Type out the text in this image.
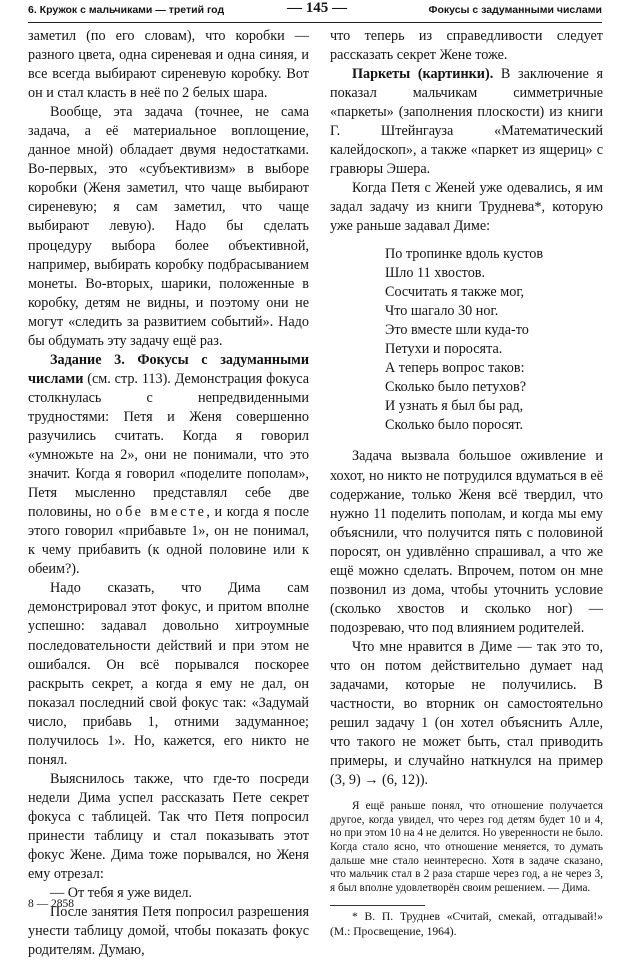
6. Кружок с мальчиками — третий год	— 145 —	Фокусы с задуманными числами

заметил (по его словам), что коробки — разного цвета, одна сиреневая и одна синяя, и все всегда выбирают сиреневую коробку. Вот он и стал класть в неё по 2 белых шара.

Вообще, эта задача (точнее, не сама задача, а её материальное воплощение, данное мной) обладает двумя недостатками. Во-первых, это «субъективизм» в выборе коробки (Женя заметил, что чаще выбирают сиреневую; я сам заметил, что чаще выбирают левую). Надо бы сделать процедуру выбора более объективной, например, выбирать коробку подбрасыванием монеты. Во-вторых, шарики, положенные в коробку, детям не видны, и поэтому они не могут «следить за развитием событий». Надо бы обдумать эту задачу ещё раз.

Задание 3. Фокусы с задуманными числами (см. стр. 113). Демонстрация фокуса столкнулась с непредвиденными трудностями: Петя и Женя совершенно разучились считать. Когда я говорил «умножьте на 2», они не понимали, что это значит. Когда я говорил «поделите пополам», Петя мысленно представлял себе две половины, но обе вместе, и когда я после этого говорил «прибавьте 1», он не понимал, к чему прибавить (к одной половине или к обеим?).

Надо сказать, что Дима сам демонстрировал этот фокус, и притом вполне успешно: задавал довольно хитроумные последовательности действий и при этом не ошибался. Он всё порывался поскорее раскрыть секрет, а когда я ему не дал, он показал последний свой фокус так: «Задумай число, прибавь 1, отними задуманное; получилось 1». Но, кажется, его никто не понял.

Выяснилось также, что где-то посреди недели Дима успел рассказать Пете секрет фокуса с таблицей. Так что Петя попросил принести таблицу и стал показывать этот фокус Жене. Дима тоже порывался, но Женя ему отрезал:

— От тебя я уже видел.

После занятия Петя попросил разрешения унести таблицу домой, чтобы показать фокус родителям. Думаю,

что теперь из справедливости следует рассказать секрет Жене тоже.

Паркеты (картинки). В заключение я показал мальчикам симметричные «паркеты» (заполнения плоскости) из книги Г. Штейнгауза «Математический калейдоскоп», а также «паркет из ящериц» с гравюры Эшера.

Когда Петя с Женей уже одевались, я им задал задачу из книги Труднева*, которую уже раньше задавал Диме:

По тропинке вдоль кустов
Шло 11 хвостов.
Сосчитать я также мог,
Что шагало 30 ног.
Это вместе шли куда-то
Петухи и поросята.
А теперь вопрос таков:
Сколько было петухов?
И узнать я был бы рад,
Сколько было поросят.

Задача вызвала большое оживление и хохот, но никто не потрудился вдуматься в её содержание, только Женя всё твердил, что нужно 11 поделить пополам, и когда мы ему объяснили, что получится пять с половиной поросят, он удивлённо спрашивал, а что же ещё можно сделать. Впрочем, потом он мне позвонил из дома, чтобы уточнить условие (сколько хвостов и сколько ног) — подозреваю, что под влиянием родителей.

Что мне нравится в Диме — так это то, что он потом действительно думает над задачами, которые не получились. В частности, во вторник он самостоятельно решил задачу 1 (он хотел объяснить Алле, что такого не может быть, стал приводить примеры, и случайно наткнулся на пример (3, 9) → (6, 12)).

Я ещё раньше понял, что отношение получается другое, когда увидел, что через год детям будет 10 и 4, но при этом 10 на 4 не делится. Но уверенности не было. Когда стало ясно, что отношение меняется, то думать дальше мне стало неинтересно. Хотя в задаче сказано, что мальчик стал в 2 раза старше через год, а не через 3, я был вполне удовлетворён своим решением. — Дима.

* В. П. Труднев «Считай, смекай, отгадывай!» (М.: Просвещение, 1964).

8 — 2858
